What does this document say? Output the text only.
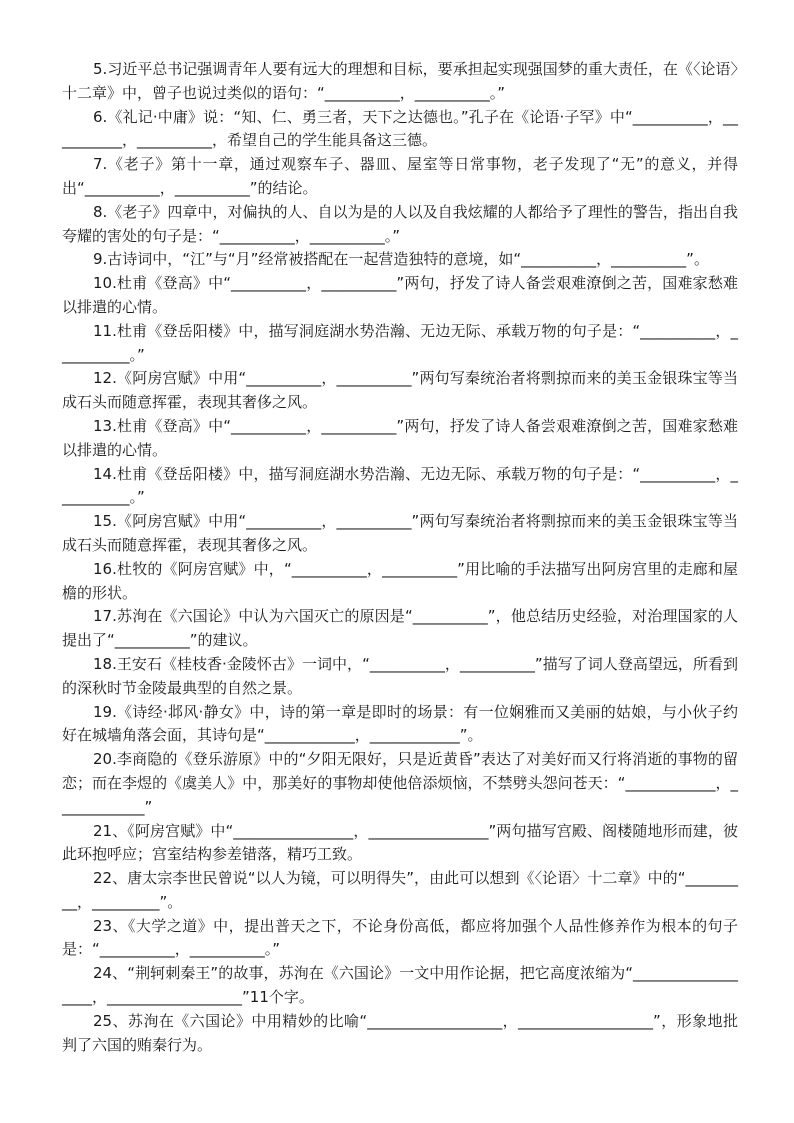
5.习近平总书记强调青年人要有远大的理想和目标，要承担起实现强国梦的重大责任，在《〈论语〉十二章》中，曾子也说过类似的语句：“__________，__________。”

6.《礼记·中庸》说：“知、仁、勇三者，天下之达德也。”孔子在《论语·子罕》中“__________，__________，__________，希望自己的学生能具备这三德。

7.《老子》第十一章，通过观察车子、器皿、屋室等日常事物，老子发现了“无”的意义，并得出“__________，__________”的结论。

8.《老子》四章中，对偏执的人、自以为是的人以及自我炫耀的人都给予了理性的警告，指出自我夸耀的害处的句子是：“__________，__________。”

9.古诗词中，“江”与“月”经常被搭配在一起营造独特的意境，如“__________，__________”。

10.杜甫《登高》中“__________，__________”两句，抒发了诗人备尝艰难潦倒之苦，国难家愁难以排遣的心情。

11.杜甫《登岳阳楼》中，描写洞庭湖水势浩瀚、无边无际、承载万物的句子是：“__________，__________。”

12.《阿房宫赋》中用“__________，__________”两句写秦统治者将剽掠而来的美玉金银珠宝等当成石头而随意挥霍，表现其奢侈之风。

13.杜甫《登高》中“__________，__________”两句，抒发了诗人备尝艰难潦倒之苦，国难家愁难以排遣的心情。

14.杜甫《登岳阳楼》中，描写洞庭湖水势浩瀚、无边无际、承载万物的句子是：“__________，__________。”

15.《阿房宫赋》中用“__________，__________”两句写秦统治者将剽掠而来的美玉金银珠宝等当成石头而随意挥霍，表现其奢侈之风。

16.杜牧的《阿房宫赋》中，“__________，__________”用比喻的手法描写出阿房宫里的走廊和屋檐的形状。

17.苏洵在《六国论》中认为六国灭亡的原因是“__________”，他总结历史经验，对治理国家的人提出了“__________”的建议。

18.王安石《桂枝香·金陵怀古》一词中，“__________，__________”描写了词人登高望远，所看到的深秋时节金陵最典型的自然之景。

19.《诗经·邶风·静女》中，诗的第一章是即时的场景：有一位娴雅而又美丽的姑娘，与小伙子约好在城墙角落会面，其诗句是“____________，____________”。

20.李商隐的《登乐游原》中的“夕阳无限好，只是近黄昏”表达了对美好而又行将消逝的事物的留恋；而在李煜的《虞美人》中，那美好的事物却使他倍添烦恼，不禁劈头怨问苍天：“____________，____________”

21、《阿房宫赋》中“________________，________________”两句描写宫殿、阁楼随地形而建，彼此环抱呼应；宫室结构参差错落，精巧工致。

22、唐太宗李世民曾说“以人为镜，可以明得失”，由此可以想到《〈论语〉十二章》中的“_________，_________”。

23、《大学之道》中，提出普天之下，不论身份高低，都应将加强个人品性修养作为根本的句子是：“__________，__________。”

24、“荆轲刺秦王”的故事，苏洵在《六国论》一文中用作论据，把它高度浓缩为“__________________，__________________”11个字。

25、苏洵在《六国论》中用精妙的比喻“__________________，__________________”，形象地批判了六国的贿秦行为。
